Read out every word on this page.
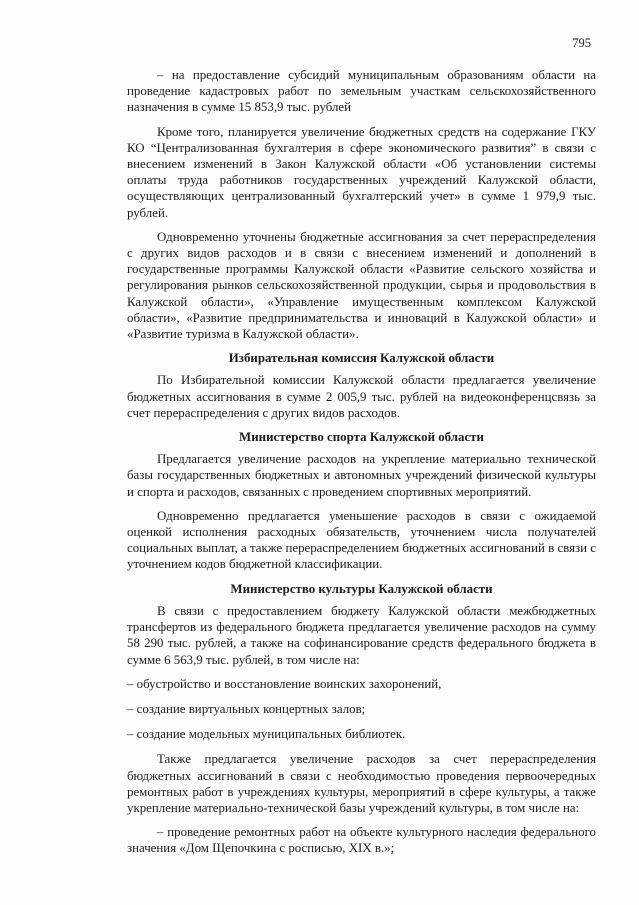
795

– на предоставление субсидий муниципальным образованиям области на проведение кадастровых работ по земельным участкам сельскохозяйственного назначения в сумме 15 853,9 тыс. рублей

Кроме того, планируется увеличение бюджетных средств на содержание ГКУ КО “Централизованная бухгалтерия в сфере экономического развития” в связи с внесением изменений в Закон Калужской области «Об установлении системы оплаты труда работников государственных учреждений Калужской области, осуществляющих централизованный бухгалтерский учет» в сумме 1 979,9 тыс. рублей.

Одновременно уточнены бюджетные ассигнования за счет перераспределения с других видов расходов и в связи с внесением изменений и дополнений в государственные программы Калужской области «Развитие сельского хозяйства и регулирования рынков сельскохозяйственной продукции, сырья и продовольствия в Калужской области», «Управление имущественным комплексом Калужской области», «Развитие предпринимательства и инноваций в Калужской области» и «Развитие туризма в Калужской области».

Избирательная комиссия Калужской области

По Избирательной комиссии Калужской области предлагается увеличение бюджетных ассигнования в сумме 2 005,9 тыс. рублей на видеоконференцсвязь за счет перераспределения с других видов расходов.

Министерство спорта Калужской области

Предлагается увеличение расходов на укрепление материально технической базы государственных бюджетных и автономных учреждений физической культуры и спорта и расходов, связанных с проведением спортивных мероприятий.

Одновременно предлагается уменьшение расходов в связи с ожидаемой оценкой исполнения расходных обязательств, уточнением числа получателей социальных выплат, а также перераспределением бюджетных ассигнований в связи с уточнением кодов бюджетной классификации.

Министерство культуры Калужской области

В связи с предоставлением бюджету Калужской области межбюджетных трансфертов из федерального бюджета предлагается увеличение расходов на сумму 58 290 тыс. рублей, а также на софинансирование средств федерального бюджета в сумме 6 563,9 тыс. рублей, в том числе на:

– обустройство и восстановление воинских захоронений,

– создание виртуальных концертных залов;

– создание модельных муниципальных библиотек.

Также предлагается увеличение расходов за счет перераспределения бюджетных ассигнований в связи с необходимостью проведения первоочередных ремонтных работ в учреждениях культуры, мероприятий в сфере культуры, а также укрепление материально-технической базы учреждений культуры, в том числе на:

– проведение ремонтных работ на объекте культурного наследия федерального значения «Дом Щепочкина с росписью, XIX в.»;
